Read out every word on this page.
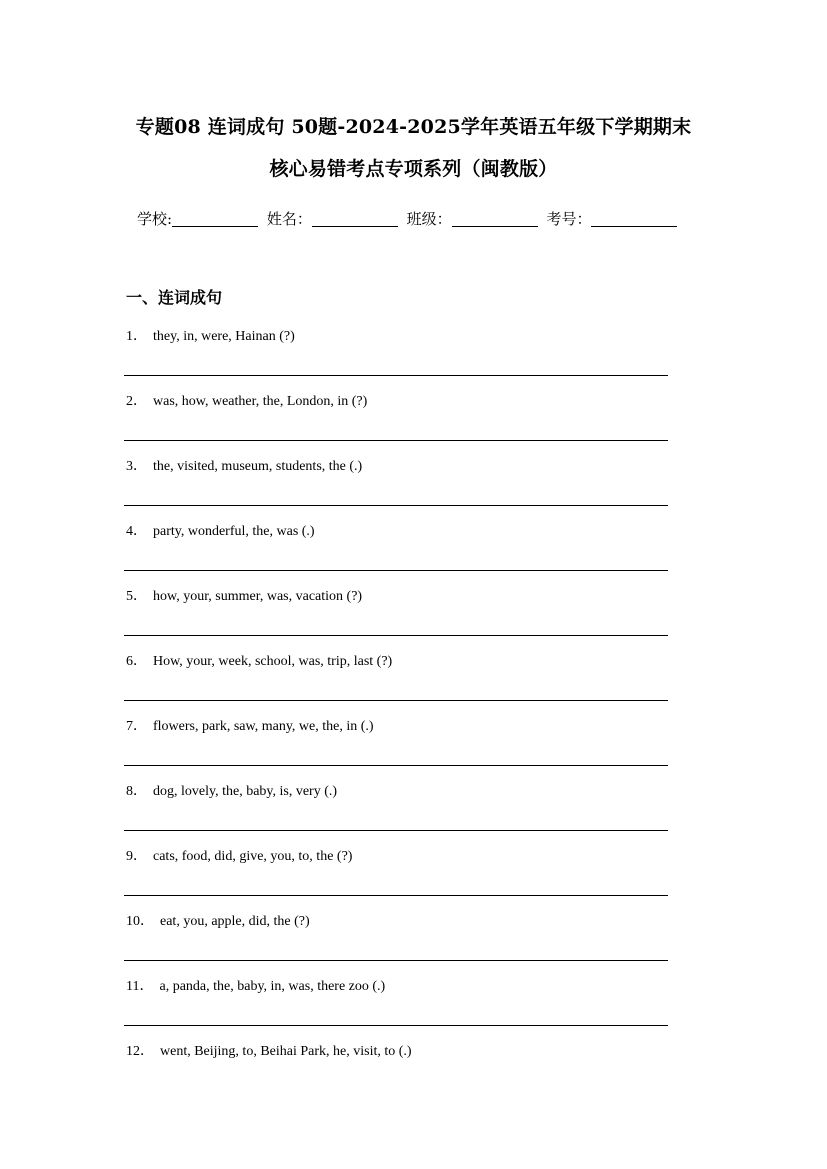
专题08 连词成句 50题-2024-2025学年英语五年级下学期期末
核心易错考点专项系列（闽教版）
学校:	姓名：	班级：	考号：
一、连词成句
1． they, in, were, Hainan (?)
2． was, how, weather, the, London, in (?)
3． the, visited, museum, students, the (.)
4． party, wonderful, the, was (.)
5． how, your, summer, was, vacation (?)
6． How, your, week, school, was, trip, last (?)
7． flowers, park, saw, many, we, the, in (.)
8． dog, lovely, the, baby, is, very (.)
9． cats, food, did, give, you, to, the (?)
10． eat, you, apple, did, the (?)
11． a, panda, the, baby, in, was, there zoo (.)
12． went, Beijing, to, Beihai Park, he, visit, to (.)
